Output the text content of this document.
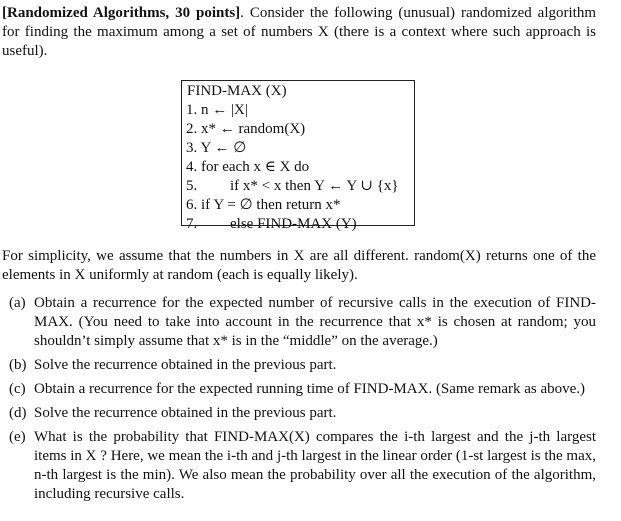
[Randomized Algorithms, 30 points]. Consider the following (unusual) randomized algorithm for finding the maximum among a set of numbers X (there is a context where such approach is useful).

FIND-MAX (X)
1. n ← |X|
2. x* ← random(X)
3. Y ← ∅
4. for each x ∈ X do
5. if x* < x then Y ← Y ∪ {x}
6. if Y = ∅ then return x*
7. else FIND-MAX (Y)

For simplicity, we assume that the numbers in X are all different. random(X) returns one of the elements in X uniformly at random (each is equally likely).

(a) Obtain a recurrence for the expected number of recursive calls in the execution of FIND-MAX. (You need to take into account in the recurrence that x* is chosen at random; you shouldn’t simply assume that x* is in the “middle” on the average.)
(b) Solve the recurrence obtained in the previous part.
(c) Obtain a recurrence for the expected running time of FIND-MAX. (Same remark as above.)
(d) Solve the recurrence obtained in the previous part.
(e) What is the probability that FIND-MAX(X) compares the i-th largest and the j-th largest items in X ? Here, we mean the i-th and j-th largest in the linear order (1-st largest is the max, n-th largest is the min). We also mean the probability over all the execution of the algorithm, including recursive calls.
